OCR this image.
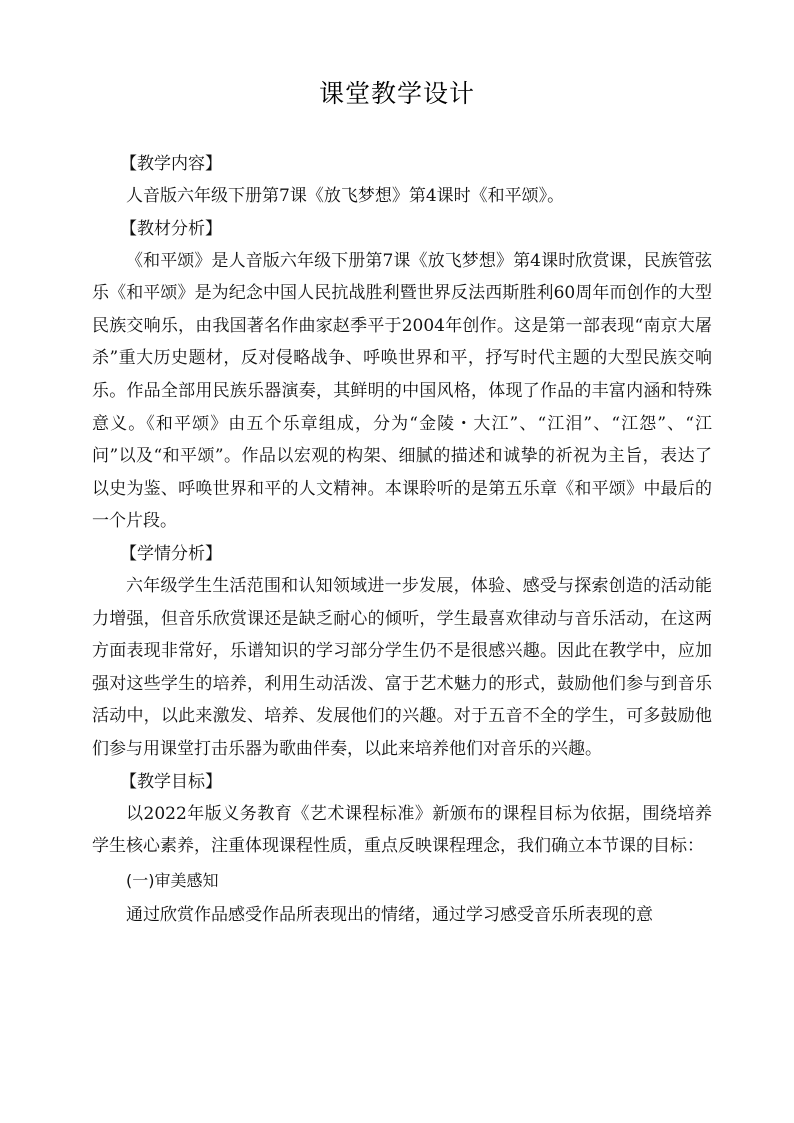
课堂教学设计
【教学内容】

人音版六年级下册第7课《放飞梦想》第4课时《和平颂》。

【教材分析】

《和平颂》是人音版六年级下册第7课《放飞梦想》第4课时欣赏课，民族管弦乐《和平颂》是为纪念中国人民抗战胜利暨世界反法西斯胜利60周年而创作的大型民族交响乐，由我国著名作曲家赵季平于2004年创作。这是第一部表现“南京大屠杀”重大历史题材，反对侵略战争、呼唤世界和平，抒写时代主题的大型民族交响乐。作品全部用民族乐器演奏，其鲜明的中国风格，体现了作品的丰富内涵和特殊意义。《和平颂》由五个乐章组成，分为“金陵・大江”、“江泪”、“江怨”、“江问”以及“和平颂”。作品以宏观的构架、细腻的描述和诚挚的祈祝为主旨，表达了以史为鉴、呼唤世界和平的人文精神。本课聆听的是第五乐章《和平颂》中最后的一个片段。

【学情分析】

六年级学生生活范围和认知领域进一步发展，体验、感受与探索创造的活动能力增强，但音乐欣赏课还是缺乏耐心的倾听，学生最喜欢律动与音乐活动，在这两方面表现非常好，乐谱知识的学习部分学生仍不是很感兴趣。因此在教学中，应加强对这些学生的培养，利用生动活泼、富于艺术魅力的形式，鼓励他们参与到音乐活动中，以此来激发、培养、发展他们的兴趣。对于五音不全的学生，可多鼓励他们参与用课堂打击乐器为歌曲伴奏，以此来培养他们对音乐的兴趣。

【教学目标】

以2022年版义务教育《艺术课程标准》新颁布的课程目标为依据，围绕培养学生核心素养，注重体现课程性质，重点反映课程理念，我们确立本节课的目标：

(一)审美感知

通过欣赏作品感受作品所表现出的情绪，通过学习感受音乐所表现的意
